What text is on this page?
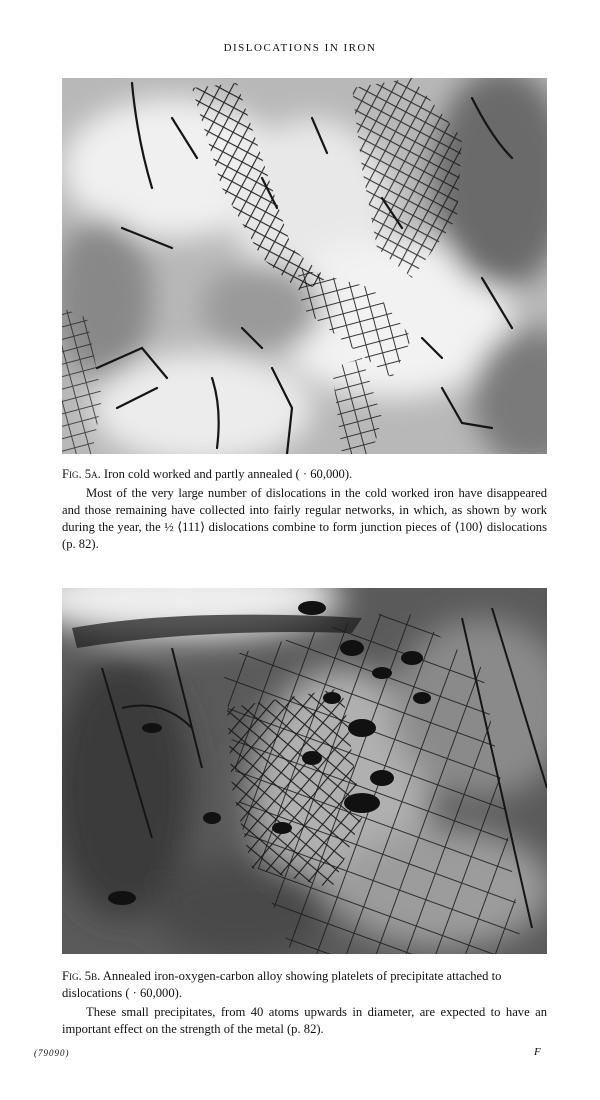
DISLOCATIONS IN IRON

Fig. 5a. Iron cold worked and partly annealed ( · 60,000).

Most of the very large number of dislocations in the cold worked iron have disappeared and those remaining have collected into fairly regular networks, in which, as shown by work during the year, the ½ ⟨111⟩ dislocations combine to form junction pieces of ⟨100⟩ dislocations (p. 82).

Fig. 5b. Annealed iron-oxygen-carbon alloy showing platelets of precipitate attached to dislocations ( · 60,000).

These small precipitates, from 40 atoms upwards in diameter, are expected to have an important effect on the strength of the metal (p. 82).

(79090)	F
